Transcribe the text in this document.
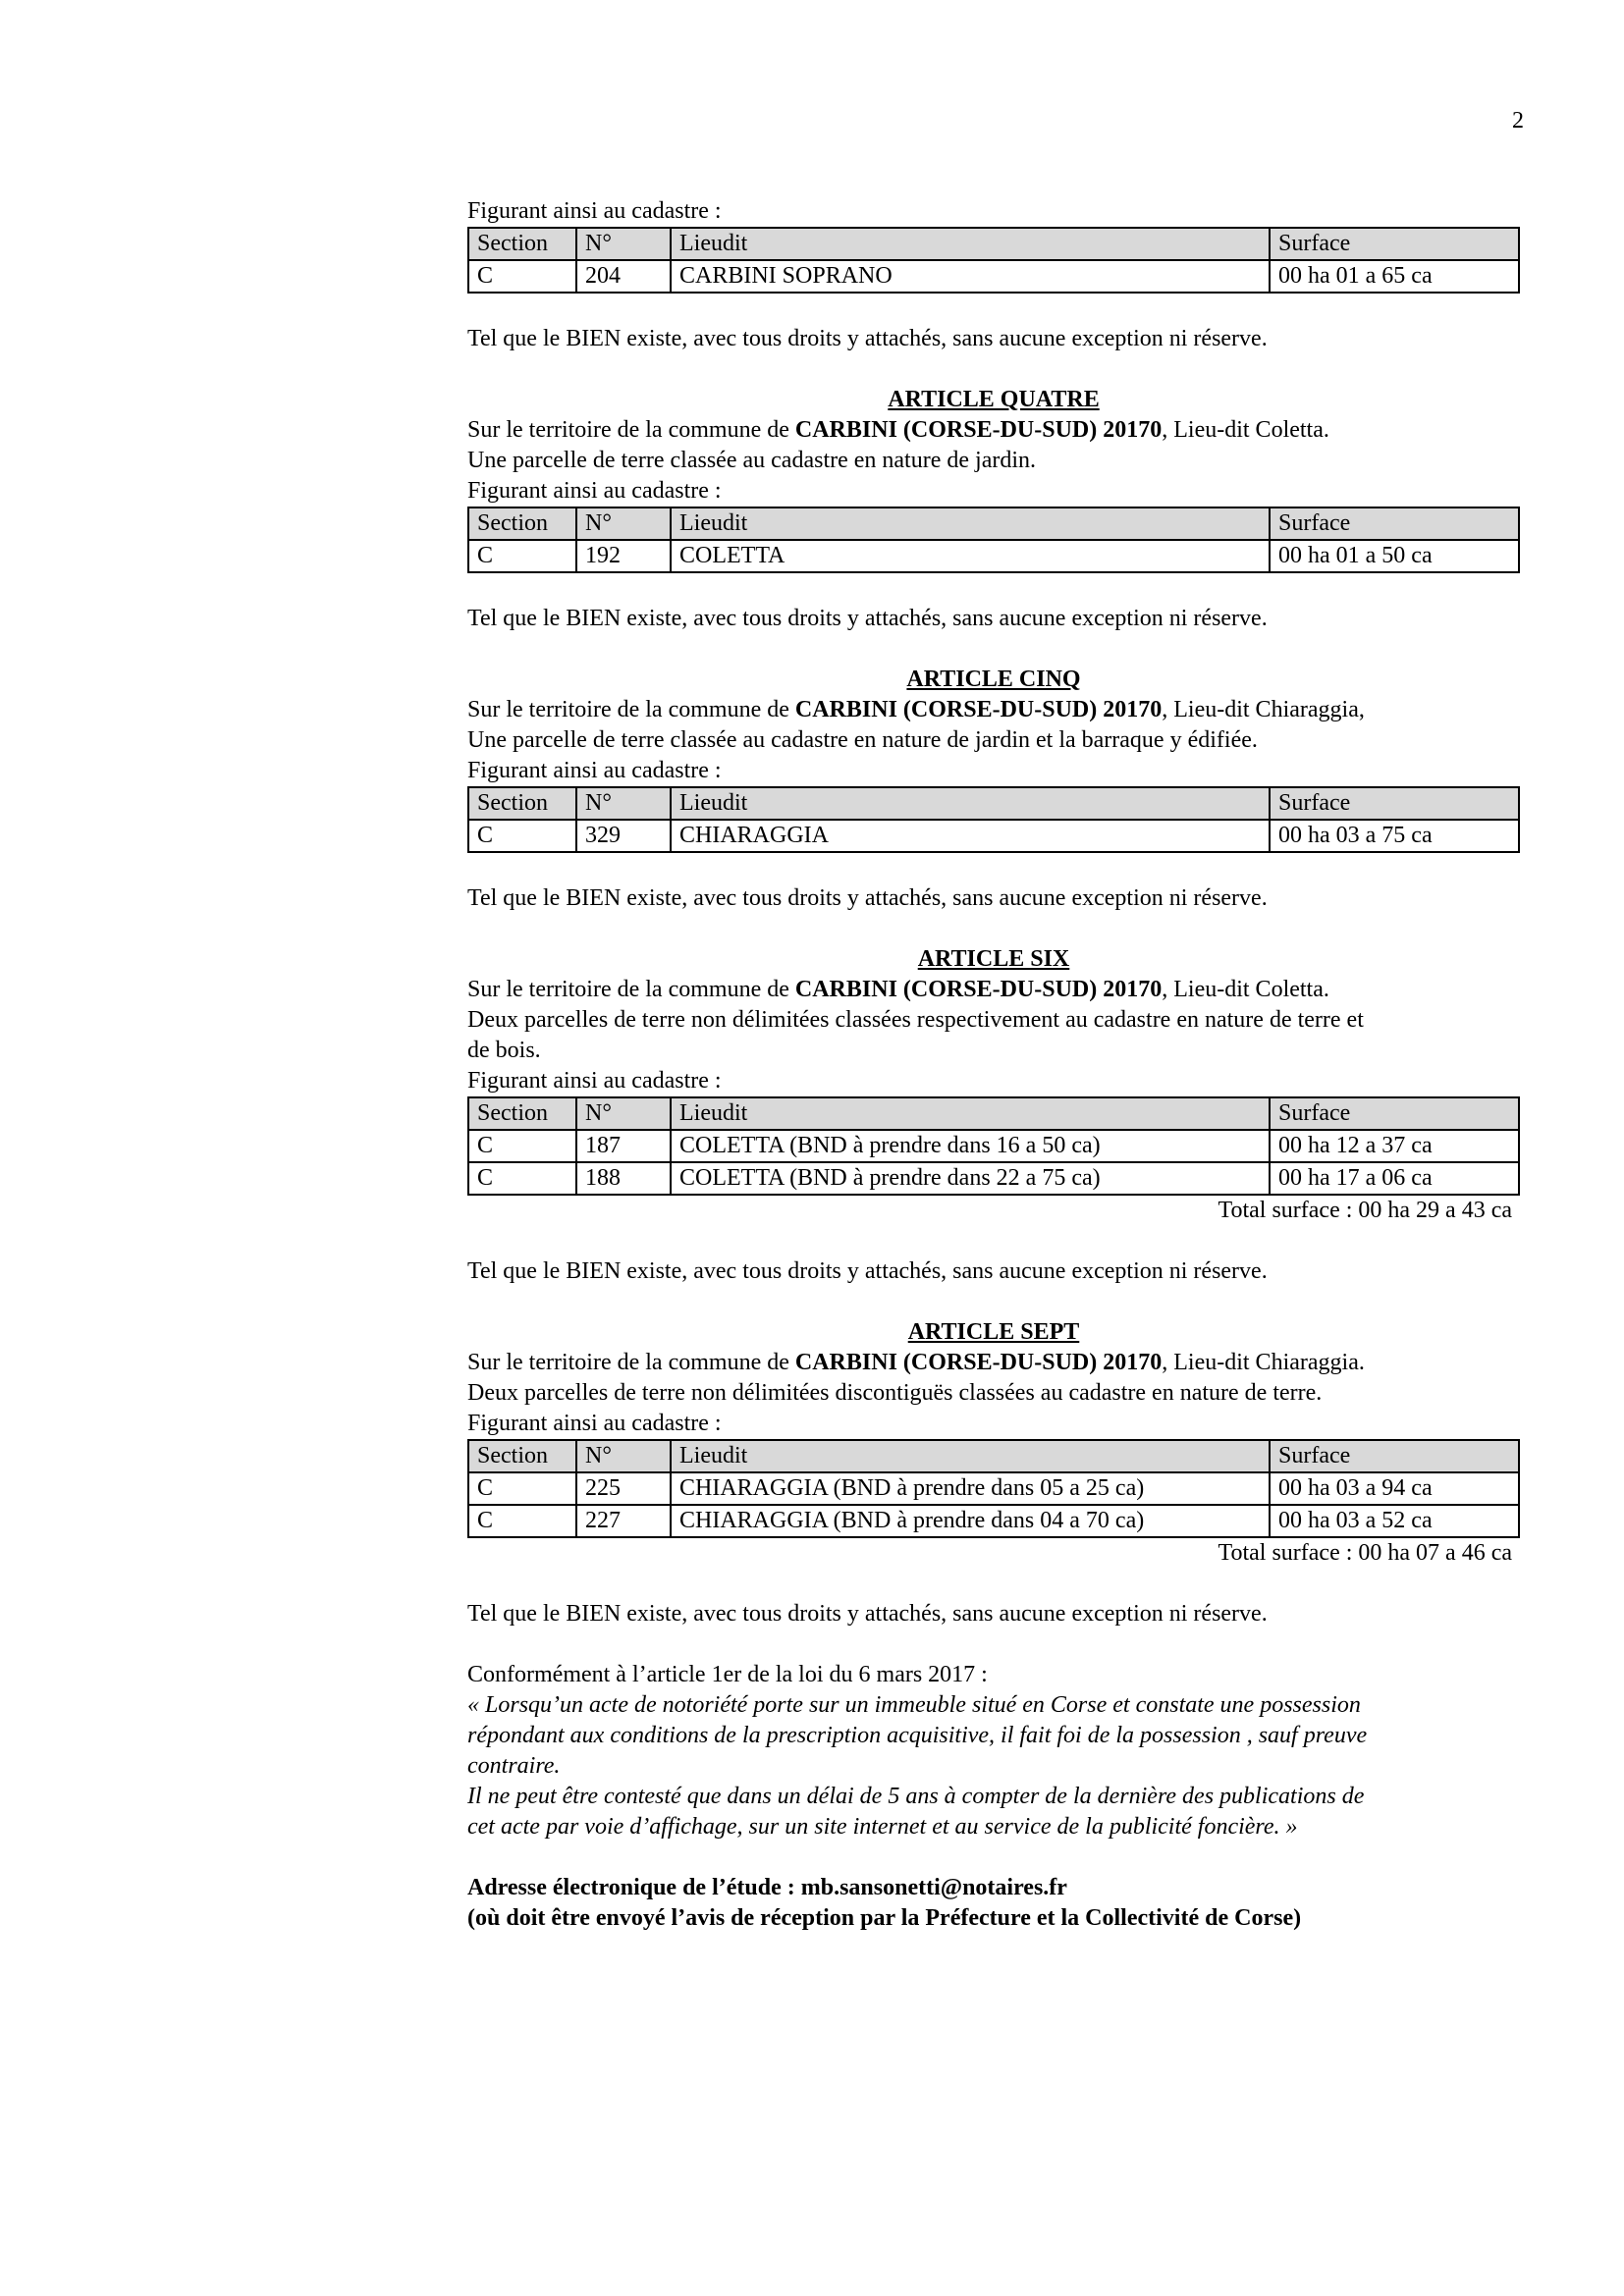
2

Figurant ainsi au cadastre :

Section	N°	Lieudit	Surface
C	204	CARBINI SOPRANO	00 ha 01 a 65 ca

Tel que le BIEN existe, avec tous droits y attachés, sans aucune exception ni réserve.

ARTICLE QUATRE

Sur le territoire de la commune de CARBINI (CORSE-DU-SUD) 20170, Lieu-dit Coletta.

Une parcelle de terre classée au cadastre en nature de jardin.

Figurant ainsi au cadastre :

Section	N°	Lieudit	Surface
C	192	COLETTA	00 ha 01 a 50 ca

Tel que le BIEN existe, avec tous droits y attachés, sans aucune exception ni réserve.

ARTICLE CINQ

Sur le territoire de la commune de CARBINI (CORSE-DU-SUD) 20170, Lieu-dit Chiaraggia,

Une parcelle de terre classée au cadastre en nature de jardin et la barraque y édifiée.

Figurant ainsi au cadastre :

Section	N°	Lieudit	Surface
C	329	CHIARAGGIA	00 ha 03 a 75 ca

Tel que le BIEN existe, avec tous droits y attachés, sans aucune exception ni réserve.

ARTICLE SIX

Sur le territoire de la commune de CARBINI (CORSE-DU-SUD) 20170, Lieu-dit Coletta.

Deux parcelles de terre non délimitées classées respectivement au cadastre en nature de terre et

de bois.

Figurant ainsi au cadastre :

Section	N°	Lieudit	Surface
C	187	COLETTA (BND à prendre dans 16 a 50 ca)	00 ha 12 a 37 ca
C	188	COLETTA (BND à prendre dans 22 a 75 ca)	00 ha 17 a 06 ca

Total surface : 00 ha 29 a 43 ca

Tel que le BIEN existe, avec tous droits y attachés, sans aucune exception ni réserve.

ARTICLE SEPT

Sur le territoire de la commune de CARBINI (CORSE-DU-SUD) 20170, Lieu-dit Chiaraggia.

Deux parcelles de terre non délimitées discontiguës classées au cadastre en nature de terre.

Figurant ainsi au cadastre :

Section	N°	Lieudit	Surface
C	225	CHIARAGGIA (BND à prendre dans 05 a 25 ca)	00 ha 03 a 94 ca
C	227	CHIARAGGIA (BND à prendre dans 04 a 70 ca)	00 ha 03 a 52 ca

Total surface : 00 ha 07 a 46 ca

Tel que le BIEN existe, avec tous droits y attachés, sans aucune exception ni réserve.

Conformément à l’article 1er de la loi du 6 mars 2017 :

« Lorsqu’un acte de notoriété porte sur un immeuble situé en Corse et constate une possession

répondant aux conditions de la prescription acquisitive, il fait foi de la possession , sauf preuve

contraire.

Il ne peut être contesté que dans un délai de 5 ans à compter de la dernière des publications de

cet acte par voie d’affichage, sur un site internet et au service de la publicité foncière. »

Adresse électronique de l’étude : mb.sansonetti@notaires.fr

(où doit être envoyé l’avis de réception par la Préfecture et la Collectivité de Corse)
